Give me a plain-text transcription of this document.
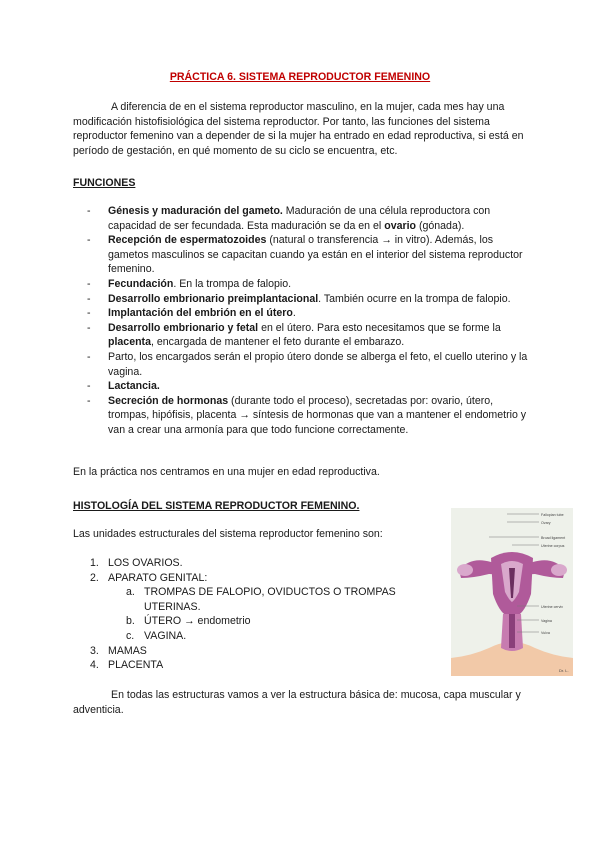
PRÁCTICA 6. SISTEMA REPRODUCTOR FEMENINO
A diferencia de en el sistema reproductor masculino, en la mujer, cada mes hay una modificación histofisiológica del sistema reproductor. Por tanto, las funciones del sistema reproductor femenino van a depender de si la mujer ha entrado en edad reproductiva, si está en período de gestación, en qué momento de su ciclo se encuentra, etc.
FUNCIONES
- Génesis y maduración del gameto. Maduración de una célula reproductora con capacidad de ser fecundada. Esta maduración se da en el ovario (gónada).
- Recepción de espermatozoides (natural o transferencia → in vitro). Además, los gametos masculinos se capacitan cuando ya están en el interior del sistema reproductor femenino.
- Fecundación. En la trompa de falopio.
- Desarrollo embrionario preimplantacional. También ocurre en la trompa de falopio.
- Implantación del embrión en el útero.
- Desarrollo embrionario y fetal en el útero. Para esto necesitamos que se forme la placenta, encargada de mantener el feto durante el embarazo.
- Parto, los encargados serán el propio útero donde se alberga el feto, el cuello uterino y la vagina.
- Lactancia.
- Secreción de hormonas (durante todo el proceso), secretadas por: ovario, útero, trompas, hipófisis, placenta → síntesis de hormonas que van a mantener el endometrio y van a crear una armonía para que todo funcione correctamente.
En la práctica nos centramos en una mujer en edad reproductiva.
HISTOLOGÍA DEL SISTEMA REPRODUCTOR FEMENINO.
Las unidades estructurales del sistema reproductor femenino son:
1. LOS OVARIOS.
2. APARATO GENITAL:
a. TROMPAS DE FALOPIO, OVIDUCTOS O TROMPAS UTERINAS.
b. ÚTERO → endometrio
c. VAGINA.
3. MAMAS
4. PLACENTA
En todas las estructuras vamos a ver la estructura básica de: mucosa, capa muscular y adventicia.
Fallopian tube
Ovary
Broad ligament
Uterine corpus
Uterine cervix
Vagina
Vulva
Dr. L.
